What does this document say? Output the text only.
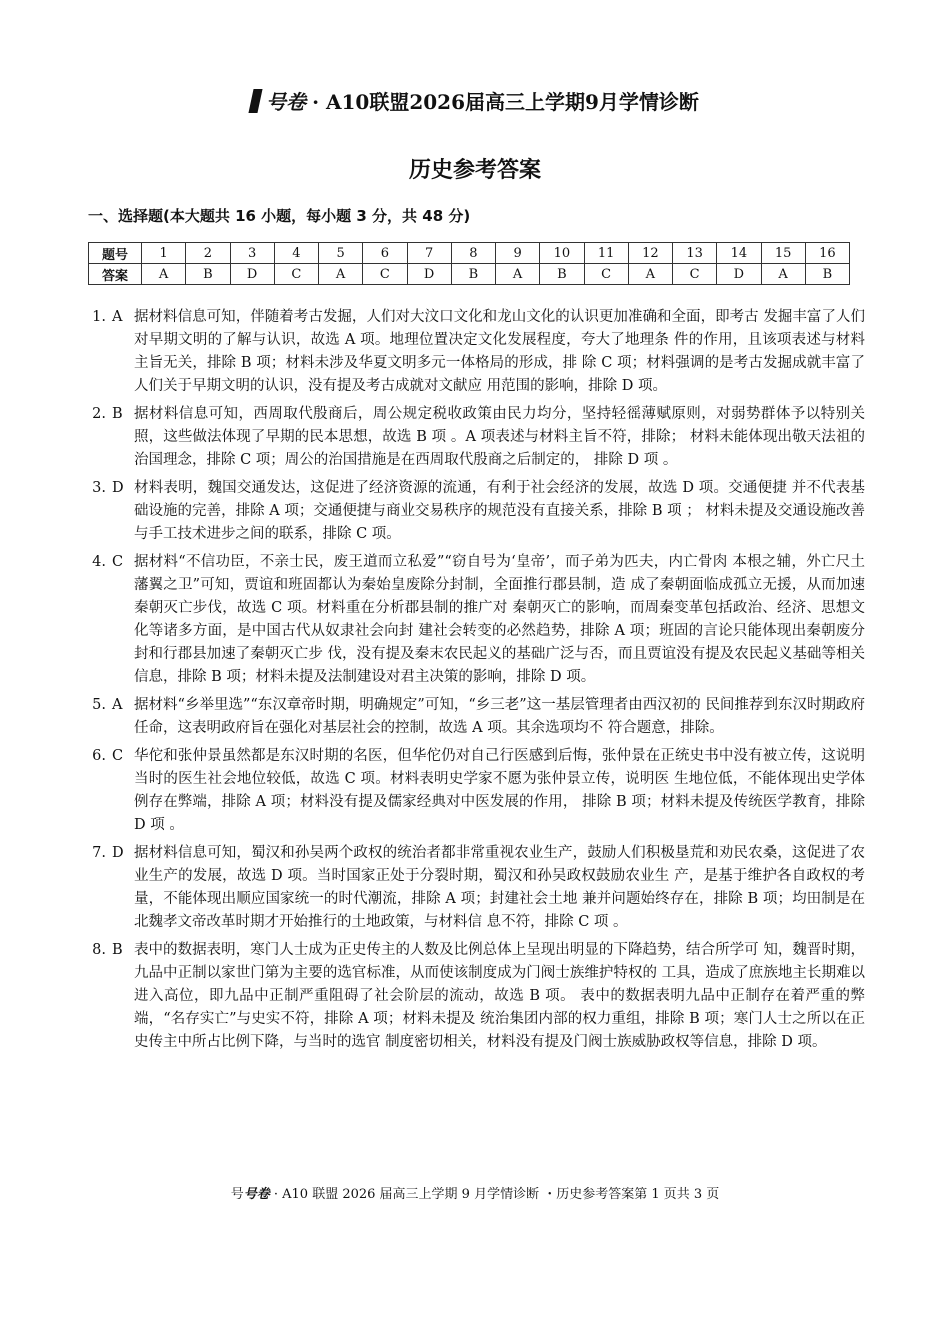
号卷 · A10联盟2026届高三上学期9月学情诊断
历史参考答案
一、选择题(本大题共 16 小题，每小题 3 分，共 48 分)
题号	1	2	3	4	5	6	7	8	9	10	11	12	13	14	15	16
答案	A	B	D	C	A	C	D	B	A	B	C	A	C	D	A	B
1. A 据材料信息可知，伴随着考古发掘，人们对大汶口文化和龙山文化的认识更加准确和全面，即考古 发掘丰富了人们对早期文明的了解与认识，故选 A 项。地理位置决定文化发展程度，夸大了地理条 件的作用，且该项表述与材料主旨无关，排除 B 项；材料未涉及华夏文明多元一体格局的形成，排 除 C 项；材料强调的是考古发掘成就丰富了人们关于早期文明的认识，没有提及考古成就对文献应 用范围的影响，排除 D 项。
2. B 据材料信息可知，西周取代殷商后，周公规定税收政策由民力均分，坚持轻徭薄赋原则，对弱势群体予以特别关照，这些做法体现了早期的民本思想，故选 B 项 。A 项表述与材料主旨不符，排除； 材料未能体现出敬天法祖的治国理念，排除 C 项；周公的治国措施是在西周取代殷商之后制定的， 排除 D 项 。
3. D 材料表明，魏国交通发达，这促进了经济资源的流通，有利于社会经济的发展，故选 D 项。交通便捷 并不代表基础设施的完善，排除 A 项；交通便捷与商业交易秩序的规范没有直接关系，排除 B 项 ； 材料未提及交通设施改善与手工技术进步之间的联系，排除 C 项。
4. C 据材料“不信功臣，不亲士民，废王道而立私爱”“窃自号为‘皇帝’，而子弟为匹夫，内亡骨肉 本根之辅，外亡尺土藩翼之卫”可知，贾谊和班固都认为秦始皇废除分封制，全面推行郡县制，造 成了秦朝面临成孤立无援，从而加速秦朝灭亡步伐，故选 C 项。材料重在分析郡县制的推广对 秦朝灭亡的影响，而周秦变革包括政治、经济、思想文化等诸多方面，是中国古代从奴隶社会向封 建社会转变的必然趋势，排除 A 项；班固的言论只能体现出秦朝废分封和行郡县加速了秦朝灭亡步 伐，没有提及秦末农民起义的基础广泛与否，而且贾谊没有提及农民起义基础等相关信息，排除 B 项；材料未提及法制建设对君主决策的影响，排除 D 项。
5. A 据材料“乡举里选”“东汉章帝时期，明确规定”可知，“乡三老”这一基层管理者由西汉初的 民间推荐到东汉时期政府任命，这表明政府旨在强化对基层社会的控制，故选 A 项。其余选项均不 符合题意，排除。
6. C 华佗和张仲景虽然都是东汉时期的名医，但华佗仍对自己行医感到后悔，张仲景在正统史书中没有被立传，这说明当时的医生社会地位较低，故选 C 项。材料表明史学家不愿为张仲景立传，说明医 生地位低，不能体现出史学体例存在弊端，排除 A 项；材料没有提及儒家经典对中医发展的作用， 排除 B 项；材料未提及传统医学教育，排除 D 项 。
7. D 据材料信息可知，蜀汉和孙吴两个政权的统治者都非常重视农业生产，鼓励人们积极垦荒和劝民农桑，这促进了农业生产的发展，故选 D 项。当时国家正处于分裂时期，蜀汉和孙吴政权鼓励农业生 产，是基于维护各自政权的考量，不能体现出顺应国家统一的时代潮流，排除 A 项；封建社会土地 兼并问题始终存在，排除 B 项；均田制是在北魏孝文帝改革时期才开始推行的土地政策，与材料信 息不符，排除 C 项 。
8. B 表中的数据表明，寒门人士成为正史传主的人数及比例总体上呈现出明显的下降趋势，结合所学可 知，魏晋时期，九品中正制以家世门第为主要的选官标准，从而使该制度成为门阀士族维护特权的 工具，造成了庶族地主长期难以进入高位，即九品中正制严重阻碍了社会阶层的流动，故选 B 项。 表中的数据表明九品中正制存在着严重的弊端，“名存实亡”与史实不符，排除 A 项；材料未提及 统治集团内部的权力重组，排除 B 项；寒门人士之所以在正史传主中所占比例下降，与当时的选官 制度密切相关，材料没有提及门阀士族威胁政权等信息，排除 D 项。
号号卷 · A10 联盟 2026 届高三上学期 9 月学情诊断 ・历史参考答案第 1 页共 3 页
